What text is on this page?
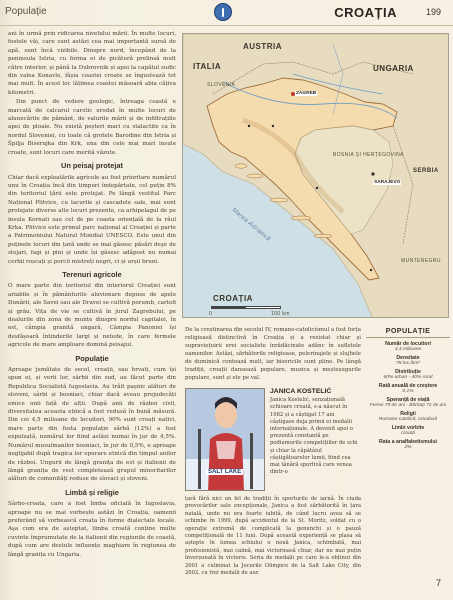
Populație	CROAȚIA	199

ani în urmă prin ridicarea nivelului mării. În multe locuri, fostele văi, care sunt astăzi cea mai importantă sursă de apă, sunt încă vizibile. Dinspre nord, începând de la peninsula Istria, cu forma ei de picătură prelinsă mult către interior, și până la Dubrovnik și apoi la capătul sudic din valea Konavle, fâșia coastei croate se îngustează tot mai mult. În acest loc lățimea coastei măsoară abia câțiva kilometri.

Din punct de vedere geologic, întreaga coastă e marcată de calcarul carstic erodat în multe locuri de alunecările de pământ, de valurile mării și de infiltrațiile apei de ploaie. Nu există peșteri mari cu stalactite ca în nordul Sloveniei, cu toate că grotele Barodine din Istria și Špilja Biserujka din Krk, una din cele mai mari insule croate, sunt locuri care merită văzute.

Un peisaj protejat

Chiar dacă exploatările agricole au fost prioritare numărul unu în Croația încă din timpuri îndepărtate, cel puțin 8% din teritoriul țării este protejat. Pe lângă vestitul Parc Național Plitvice, cu lacurile și cascadele sale, mai sunt protejate diverse alte locuri prezente, ca arhipelagul de pe insula Kornati sau cel de pe coasta oriențală de la râul Krka. Plitvice este primul parc național al Croației și parte a Patrimoniului Natural Mondial UNESCO. Este unul din puținele locuri din țară unde se mai găsesc păsări deşe de stejari, fagi și pini și unde își găsesc adăpost nu numai cerbii roșcați și porcii mistreți negri, ci și urșii bruni.

Terenuri agricole

O mare parte din teritoriul din interiorul Croației sunt ariabile și în pământurile aluvionare depuse de apele Dunării, ale Savei sau ale Dravei se cultivă porumb, cartofi și grâu. Vița de vie se cultivă în jurul Zagrebului, pe dealurile din zona de munte dinspre nordul capitalei, în est, câmpia granită ungară, Câmpia Panoniei își desfășoară întinderile largi și netede, în care fermele agricole de mare amploare domină peisajul.

Populație

Aproape jumătate de secol, croații, sau hrvati, cum își spun ei, și verii lor, sârbii din sud, au făcut parte din Republica Socialistă Iugoslavia. Au trăit pașnic alături de sloveni, sârbi și bosniaci, chiar dacă aveau prejudecăți emice unii față de alții. După anii de război civil, diversitatea aceasta etnică a fost redusă în bună măsură. Din cei 4,5 milioane de locuitori, 90% sunt croați nativi, mare parte din fosta populație sârbă (12%) a fost expulzată, numărul lor fiind astăzi numai în jur de 4,5%. Numărul musulmanilor bosniaci, în jur de 0,5%, e aproape neglijabil după tragica lor epurare etnică din timpul anilor de război. Ungurii de lângă granița de est și italienii de lângă granița de vest completează grupul minoritarilor alături de comunități reduse de slovaci și sloveni.

Limbă și religie

Sârbo-croata, care a fost limba oficială în Iugoslavia, aproape nu se mai vorbește astăzi în Croația, oamenii preferând să vorbească croata în forme dialectale locale. Aşa cum era de așteptat, limba croată conține multe cuvinte împrumutate de la italienii din regiunile de coastă, după cum are destule influențe maghiare în regiunea de lângă granița cu Ungaria.

AUSTRIA
SLOVENIA
UNGARIA
ITALIA
ZAGREB
BOSNIA ȘI HERȚEGOVINA
SERBIA
MUNTENEGRU
Marea Adriatică
SARAJEVO
CROAȚIA
0	100 km
De la creștinarea din secolul IV, romano-catolicismul a fost forța religioasă distinctivă în Croația și a rezistat chiar și supraviețuirii erei socialiste înrădăcinate adânc în sufletele oamenilor. Astăzi, sărbătorile religioase, pelerinajele și slujbele de duminică contează mult, iar bisericile sunt pline. Pe lângă tradiții, croații dansează populare, muzica și meșteșugurile populare, sunt și ele pe val.
POPULAȚIE
Număr de locuitori
4,4 milioane
Densitate
78 loc./km²
Distribuție
60% urban · 40% rural
Rată anuală de creștere
0,1%
Speranță de viață
Femei 79 de ani · Bărbați 72 de ani
Religii
Romano-catolică, ortodoxă
Limbi vorbite
croată
Rata a analfabetismului
2%
SALT LAKE
JANICA KOSTELIĆ

Janica Kostelić, senzațională schioare croată, s-a născut în 1982 și a câștigat 17 ani câștigase deja primii ei medalii internaționale. A devenit apoi o prezentă constantă pe podiumurile competițiilor de schi și chiar la căpătâiul câștigătoarelor lumii, fiind cea mai tânără sportivă care venea dintr-o

țară fără nici un fel de tradiții în sporturile de iarnă. În ciuda provocărilor sale excepționale, Janica a fost sărbătorită în țara natală, unde nu era foarte iubită, de când lucru avea să se schimbe în 1999, după accidentul de la St. Moritz, soldat cu o operație extremă de complicată la genunchi și o pauză competițională de 11 luni. După această experiență se plasa să aștepte în lumea schiului o nouă Janica, schimbată, mai profesionistă, mai calmă, mai victorioasă chiar, dar nu mai puțin înverșunată în victorie. Seria de medalii pe care le-a obținut din 2001 a culminat la Jocurile Olimpice de la Salt Lake City, din 2002, cu trei medalii de aur.
7
